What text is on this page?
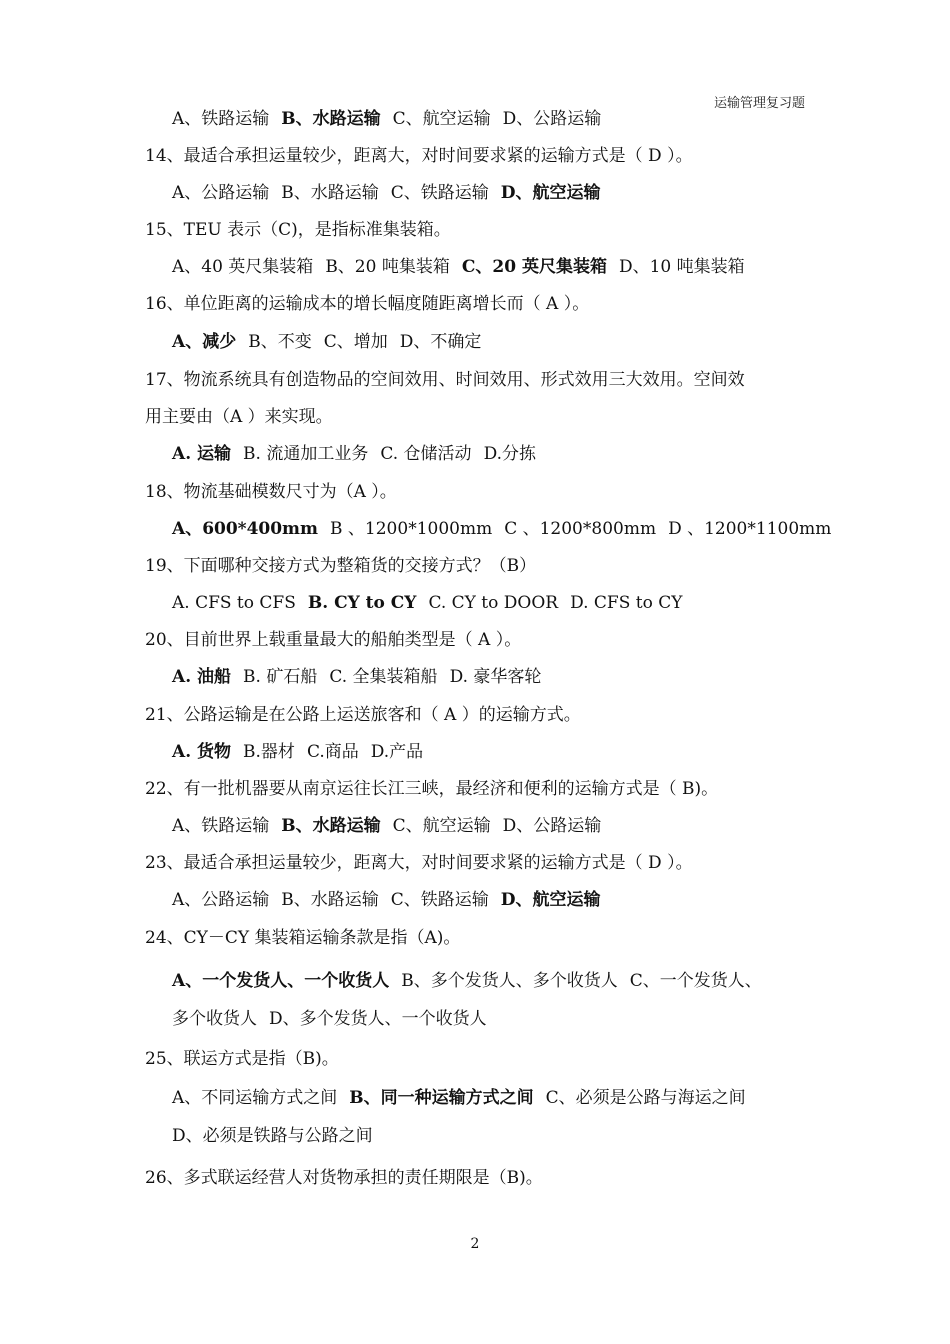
运输管理复习题
A、铁路运输 B、水路运输 C、航空运输 D、公路运输
14、最适合承担运量较少，距离大，对时间要求紧的运输方式是（ D ）。
A、公路运输 B、水路运输 C、铁路运输 D、航空运输
15、TEU 表示（C)，是指标准集装箱。
A、40 英尺集装箱 B、20 吨集装箱 C、20 英尺集装箱 D、10 吨集装箱
16、单位距离的运输成本的增长幅度随距离增长而（ A ）。
A、减少 B、不变 C、增加 D、不确定
17、物流系统具有创造物品的空间效用、时间效用、形式效用三大效用。空间效
用主要由（A ）来实现。
A. 运输 B. 流通加工业务 C. 仓储活动 D.分拣
18、物流基础模数尺寸为（A ）。
A、600*400mm B 、1200*1000mm C 、1200*800mm D 、1200*1100mm
19、下面哪种交接方式为整箱货的交接方式？（B）
A. CFS to CFS B. CY to CY C. CY to DOOR D. CFS to CY
20、目前世界上载重量最大的船舶类型是（ A ）。
A. 油船 B. 矿石船 C. 全集装箱船 D. 豪华客轮
21、公路运输是在公路上运送旅客和（ A ）的运输方式。
A. 货物 B.器材 C.商品 D.产品
22、有一批机器要从南京运往长江三峡，最经济和便利的运输方式是（ B)。
A、铁路运输 B、水路运输 C、航空运输 D、公路运输
23、最适合承担运量较少，距离大，对时间要求紧的运输方式是（ D ）。
A、公路运输 B、水路运输 C、铁路运输 D、航空运输
24、CY－CY 集装箱运输条款是指（A)。
A、一个发货人、一个收货人 B、多个发货人、多个收货人 C、一个发货人、
多个收货人 D、多个发货人、一个收货人
25、联运方式是指（B)。
A、不同运输方式之间 B、同一种运输方式之间 C、必须是公路与海运之间
D、必须是铁路与公路之间
26、多式联运经营人对货物承担的责任期限是（B)。
2
